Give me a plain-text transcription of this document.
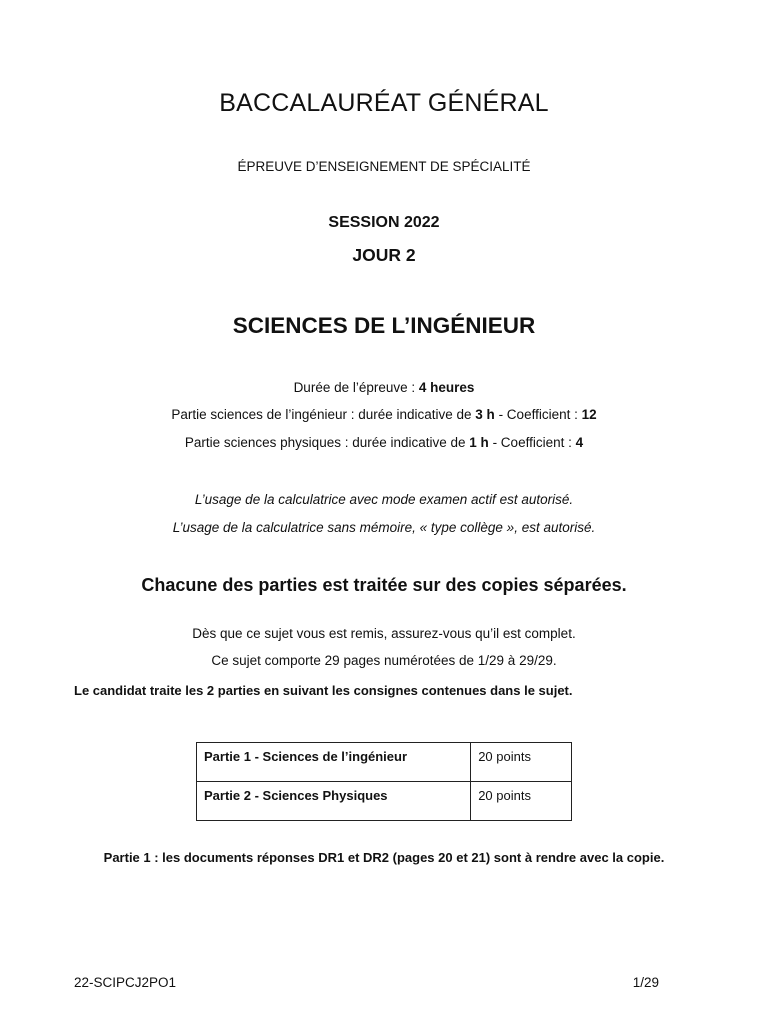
BACCALAURÉAT GÉNÉRAL
ÉPREUVE D’ENSEIGNEMENT DE SPÉCIALITÉ
SESSION 2022
JOUR 2
SCIENCES DE L’INGÉNIEUR
Durée de l’épreuve : 4 heures
Partie sciences de l’ingénieur : durée indicative de 3 h - Coefficient : 12
Partie sciences physiques : durée indicative de 1 h - Coefficient : 4
L’usage de la calculatrice avec mode examen actif est autorisé.
L’usage de la calculatrice sans mémoire, « type collège », est autorisé.
Chacune des parties est traitée sur des copies séparées.
Dès que ce sujet vous est remis, assurez-vous qu’il est complet.
Ce sujet comporte 29 pages numérotées de 1/29 à 29/29.
Le candidat traite les 2 parties en suivant les consignes contenues dans le sujet.
Partie 1 - Sciences de l’ingénieur	20 points
Partie 2 - Sciences Physiques	20 points
Partie 1 : les documents réponses DR1 et DR2 (pages 20 et 21) sont à rendre avec la copie.
22-SCIPCJ2PO1	1/29
